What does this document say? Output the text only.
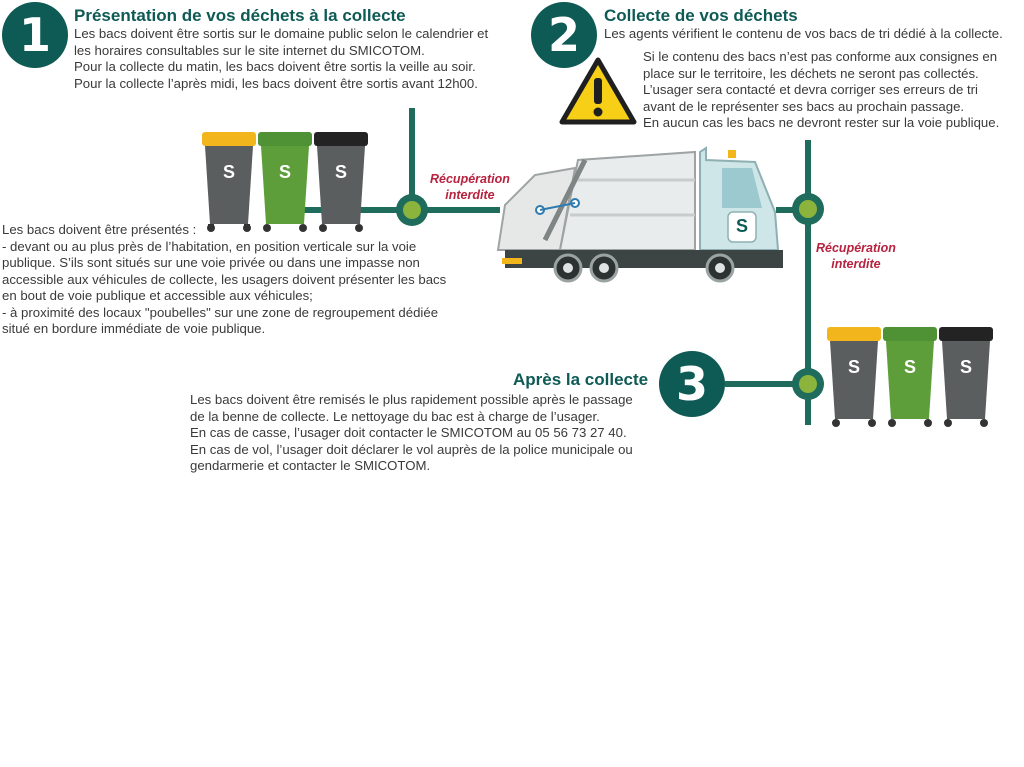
S S S
S S S
S
1	Présentation de vos déchets à la collecte
Les bacs doivent être sortis sur le domaine public selon le calendrier et
les horaires consultables sur le site internet du SMICOTOM.
Pour la collecte du matin, les bacs doivent être sortis la veille au soir.
Pour la collecte l’après midi, les bacs doivent être sortis avant 12h00.
2	Collecte de vos déchets
Les agents vérifient le contenu de vos bacs de tri dédié à la collecte.
Si le contenu des bacs n’est pas conforme aux consignes en
place sur le territoire, les déchets ne seront pas collectés.
L’usager sera contacté et devra corriger ses erreurs de tri
avant de le représenter ses bacs au prochain passage.
En aucun cas les bacs ne devront rester sur la voie publique.
Récupération
interdite
Récupération
interdite
Les bacs doivent être présentés :
- devant ou au plus près de l’habitation, en position verticale sur la voie
publique. S’ils sont situés sur une voie privée ou dans une impasse non
accessible aux véhicules de collecte, les usagers doivent présenter les bacs
en bout de voie publique et accessible aux véhicules;
- à proximité des locaux "poubelles" sur une zone de regroupement dédiée
situé en bordure immédiate de voie publique.
3
Après la collecte
Les bacs doivent être remisés le plus rapidement possible après le passage
de la benne de collecte. Le nettoyage du bac est à charge de l’usager.
En cas de casse, l’usager doit contacter le SMICOTOM au 05 56 73 27 40.
En cas de vol, l’usager doit déclarer le vol auprès de la police municipale ou
gendarmerie et contacter le SMICOTOM.
